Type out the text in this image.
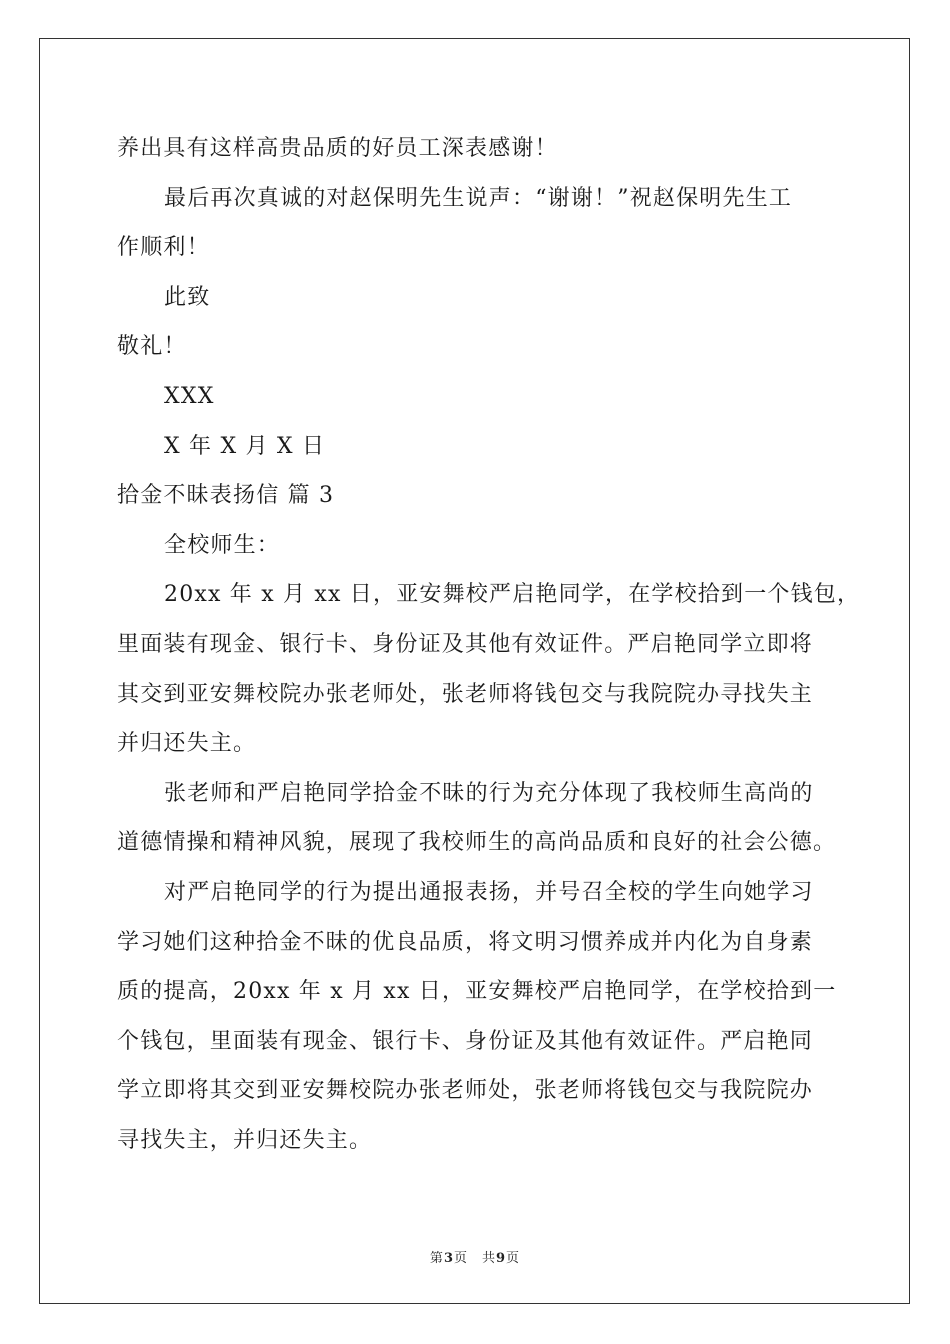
养出具有这样高贵品质的好员工深表感谢！
最后再次真诚的对赵保明先生说声：“谢谢！”祝赵保明先生工
作顺利！
此致
敬礼！
XXX
X 年 X 月 X 日
拾金不昧表扬信 篇 3
全校师生：
20xx 年 x 月 xx 日，亚安舞校严启艳同学，在学校拾到一个钱包，
里面装有现金、银行卡、身份证及其他有效证件。严启艳同学立即将
其交到亚安舞校院办张老师处，张老师将钱包交与我院院办寻找失主
并归还失主。
张老师和严启艳同学拾金不昧的行为充分体现了我校师生高尚的
道德情操和精神风貌，展现了我校师生的高尚品质和良好的社会公德。
对严启艳同学的行为提出通报表扬，并号召全校的学生向她学习
学习她们这种拾金不昧的优良品质，将文明习惯养成并内化为自身素
质的提高，20xx 年 x 月 xx 日，亚安舞校严启艳同学，在学校拾到一
个钱包，里面装有现金、银行卡、身份证及其他有效证件。严启艳同
学立即将其交到亚安舞校院办张老师处，张老师将钱包交与我院院办
寻找失主，并归还失主。
第3页　共9页
